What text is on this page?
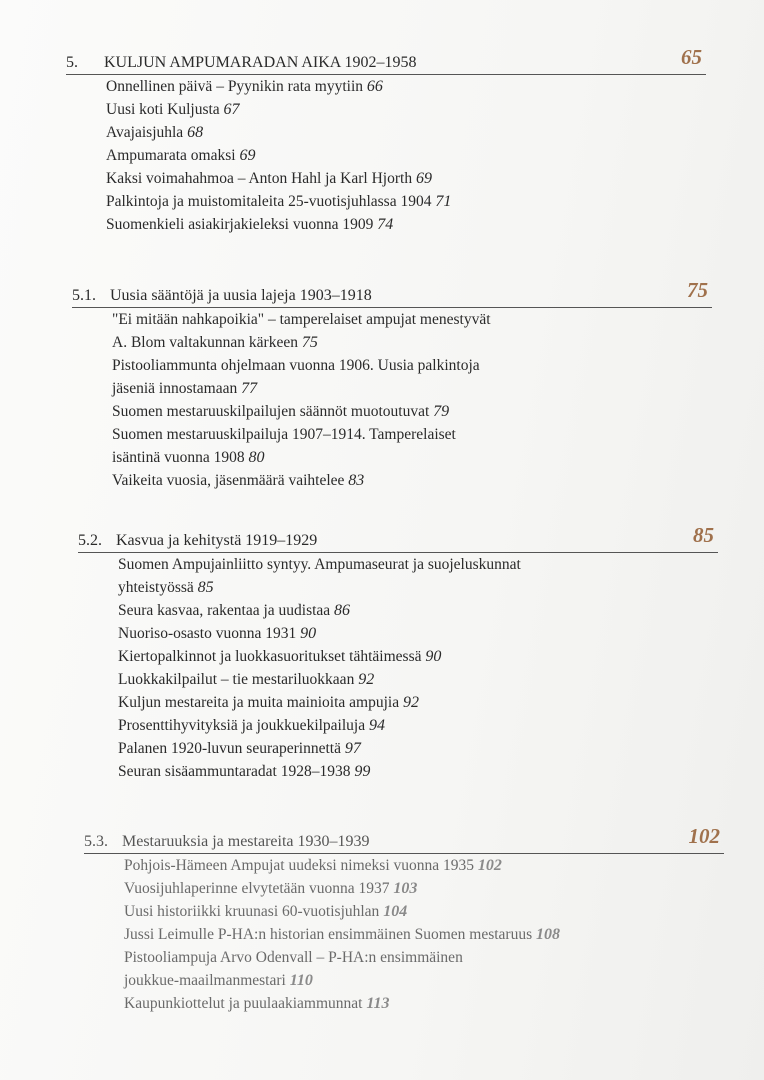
5. KULJUN AMPUMARADAN AIKA 1902–1958	65
Onnellinen päivä – Pyynikin rata myytiin 66
Uusi koti Kuljusta 67
Avajaisjuhla 68
Ampumarata omaksi 69
Kaksi voimahahmoa – Anton Hahl ja Karl Hjorth 69
Palkintoja ja muistomitaleita 25-vuotisjuhlassa 1904 71
Suomenkieli asiakirjakieleksi vuonna 1909 74
5.1. Uusia sääntöjä ja uusia lajeja 1903–1918	75
"Ei mitään nahkapoikia" – tamperelaiset ampujat menestyvät
A. Blom valtakunnan kärkeen 75
Pistooliammunta ohjelmaan vuonna 1906. Uusia palkintoja
jäseniä innostamaan 77
Suomen mestaruuskilpailujen säännöt muotoutuvat 79
Suomen mestaruuskilpailuja 1907–1914. Tamperelaiset
isäntinä vuonna 1908 80
Vaikeita vuosia, jäsenmäärä vaihtelee 83
5.2. Kasvua ja kehitystä 1919–1929	85
Suomen Ampujainliitto syntyy. Ampumaseurat ja suojeluskunnat
yhteistyössä 85
Seura kasvaa, rakentaa ja uudistaa 86
Nuoriso-osasto vuonna 1931 90
Kiertopalkinnot ja luokkasuoritukset tähtäimessä 90
Luokkakilpailut – tie mestariluokkaan 92
Kuljun mestareita ja muita mainioita ampujia 92
Prosenttihyvityksiä ja joukkuekilpailuja 94
Palanen 1920-luvun seuraperinnettä 97
Seuran sisäammuntaradat 1928–1938 99
5.3. Mestaruuksia ja mestareita 1930–1939	102
Pohjois-Hämeen Ampujat uudeksi nimeksi vuonna 1935 102
Vuosijuhlaperinne elvytetään vuonna 1937 103
Uusi historiikki kruunasi 60-vuotisjuhlan 104
Jussi Leimulle P-HA:n historian ensimmäinen Suomen mestaruus 108
Pistooliampuja Arvo Odenvall – P-HA:n ensimmäinen
joukkue-maailmanmestari 110
Kaupunkiottelut ja puulaakiammunnat 113
